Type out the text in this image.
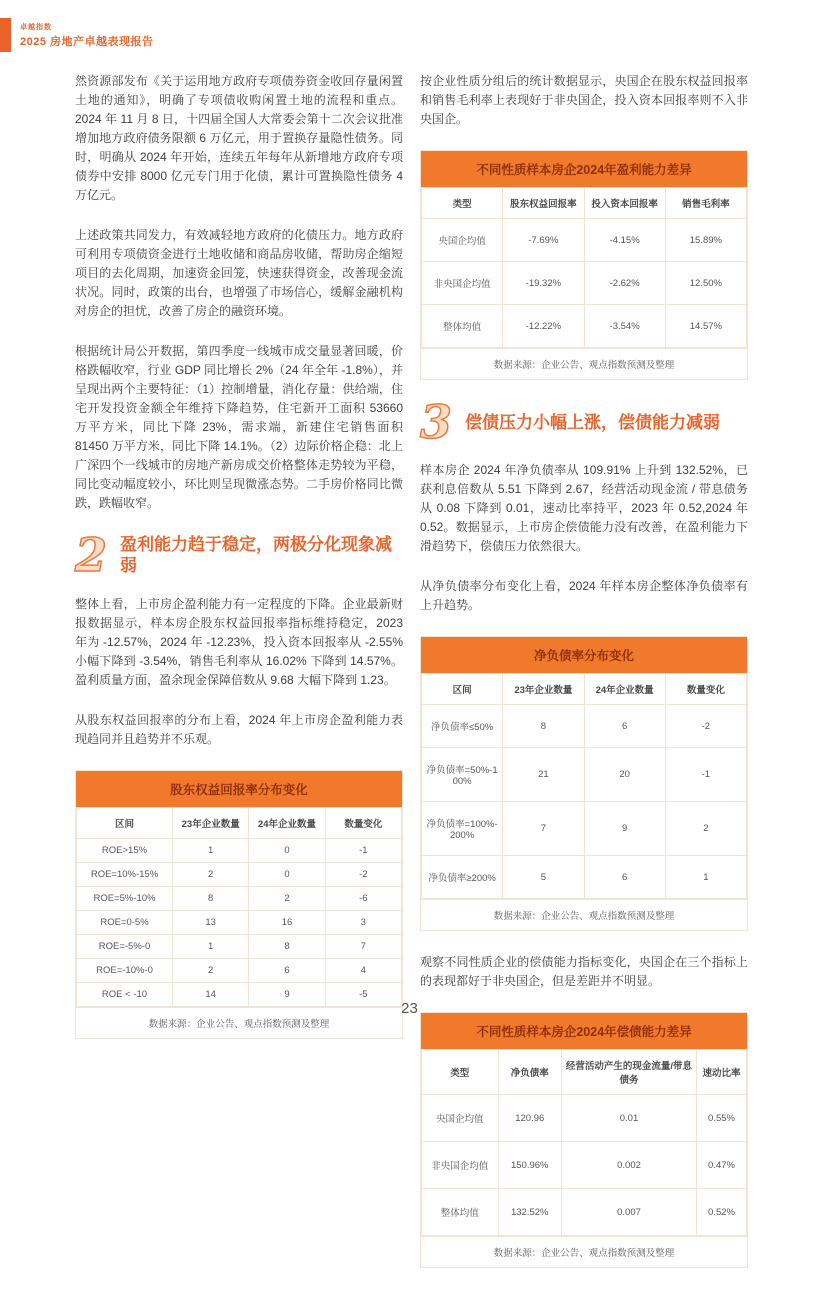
卓越指数
2025 房地产卓越表现报告

然资源部发布《关于运用地方政府专项债券资金收回存量闲置土地的通知》，明确了专项债收购闲置土地的流程和重点。2024 年 11 月 8 日，十四届全国人大常委会第十二次会议批准增加地方政府债务限额 6 万亿元，用于置换存量隐性债务。同时，明确从 2024 年开始，连续五年每年从新增地方政府专项债券中安排 8000 亿元专门用于化债，累计可置换隐性债务 4 万亿元。

上述政策共同发力，有效减轻地方政府的化债压力。地方政府可利用专项债资金进行土地收储和商品房收储，帮助房企缩短项目的去化周期，加速资金回笼，快速获得资金，改善现金流状况。同时，政策的出台，也增强了市场信心，缓解金融机构对房企的担忧，改善了房企的融资环境。

根据统计局公开数据，第四季度一线城市成交量显著回暖，价格跌幅收窄，行业 GDP 同比增长 2%（24 年全年 -1.8%），并呈现出两个主要特征：（1）控制增量，消化存量：供给端，住宅开发投资金额全年维持下降趋势，住宅新开工面积 53660 万平方米，同比下降 23%，需求端，新建住宅销售面积 81450 万平方米，同比下降 14.1%。（2）边际价格企稳：北上广深四个一线城市的房地产新房成交价格整体走势较为平稳，同比变动幅度较小，环比则呈现微涨态势。二手房价格同比微跌，跌幅收窄。

2 盈利能力趋于稳定，两极分化现象减弱

整体上看，上市房企盈利能力有一定程度的下降。企业最新财报数据显示，样本房企股东权益回报率指标维持稳定，2023 年为 -12.57%，2024 年 -12.23%，投入资本回报率从 -2.55% 小幅下降到 -3.54%，销售毛利率从 16.02% 下降到 14.57%。盈利质量方面，盈余现金保障倍数从 9.68 大幅下降到 1.23。

从股东权益回报率的分布上看，2024 年上市房企盈利能力表现趋同并且趋势并不乐观。

股东权益回报率分布变化
区间	23年企业数量	24年企业数量	数量变化
ROE>15%	1	0	-1
ROE=10%-15%	2	0	-2
ROE=5%-10%	8	2	-6
ROE=0-5%	13	16	3
ROE=-5%-0	1	8	7
ROE=-10%-0	2	6	4
ROE < -10	14	9	-5
数据来源：企业公告、观点指数预测及整理

按企业性质分组后的统计数据显示，央国企在股东权益回报率和销售毛利率上表现好于非央国企，投入资本回报率则不入非央国企。

不同性质样本房企2024年盈利能力差异
类型	股东权益回报率	投入资本回报率	销售毛利率
央国企均值	-7.69%	-4.15%	15.89%
非央国企均值	-19.32%	-2.62%	12.50%
整体均值	-12.22%	-3.54%	14.57%
数据来源：企业公告、观点指数预测及整理
3 偿债压力小幅上涨，偿债能力减弱

样本房企 2024 年净负债率从 109.91% 上升到 132.52%，已获利息倍数从 5.51 下降到 2.67，经营活动现金流 / 带息债务从 0.08 下降到 0.01，速动比率持平，2023 年 0.52,2024 年 0.52。数据显示，上市房企偿债能力没有改善，在盈利能力下滑趋势下，偿债压力依然很大。

从净负债率分布变化上看，2024 年样本房企整体净负债率有上升趋势。

净负债率分布变化
区间	23年企业数量	24年企业数量	数量变化
净负债率≤50%	8	6	-2
净负债率=50%-100%	21	20	-1
净负债率=100%-200%	7	9	2
净负债率≥200%	5	6	1
数据来源：企业公告、观点指数预测及整理

观察不同性质企业的偿债能力指标变化，央国企在三个指标上的表现都好于非央国企，但是差距并不明显。

不同性质样本房企2024年偿债能力差异
类型	净负债率	经营活动产生的现金流量/带息债务	速动比率
央国企均值	120.96	0.01	0.55%
非央国企均值	150.96%	0.002	0.47%
整体均值	132.52%	0.007	0.52%
数据来源：企业公告、观点指数预测及整理
23
